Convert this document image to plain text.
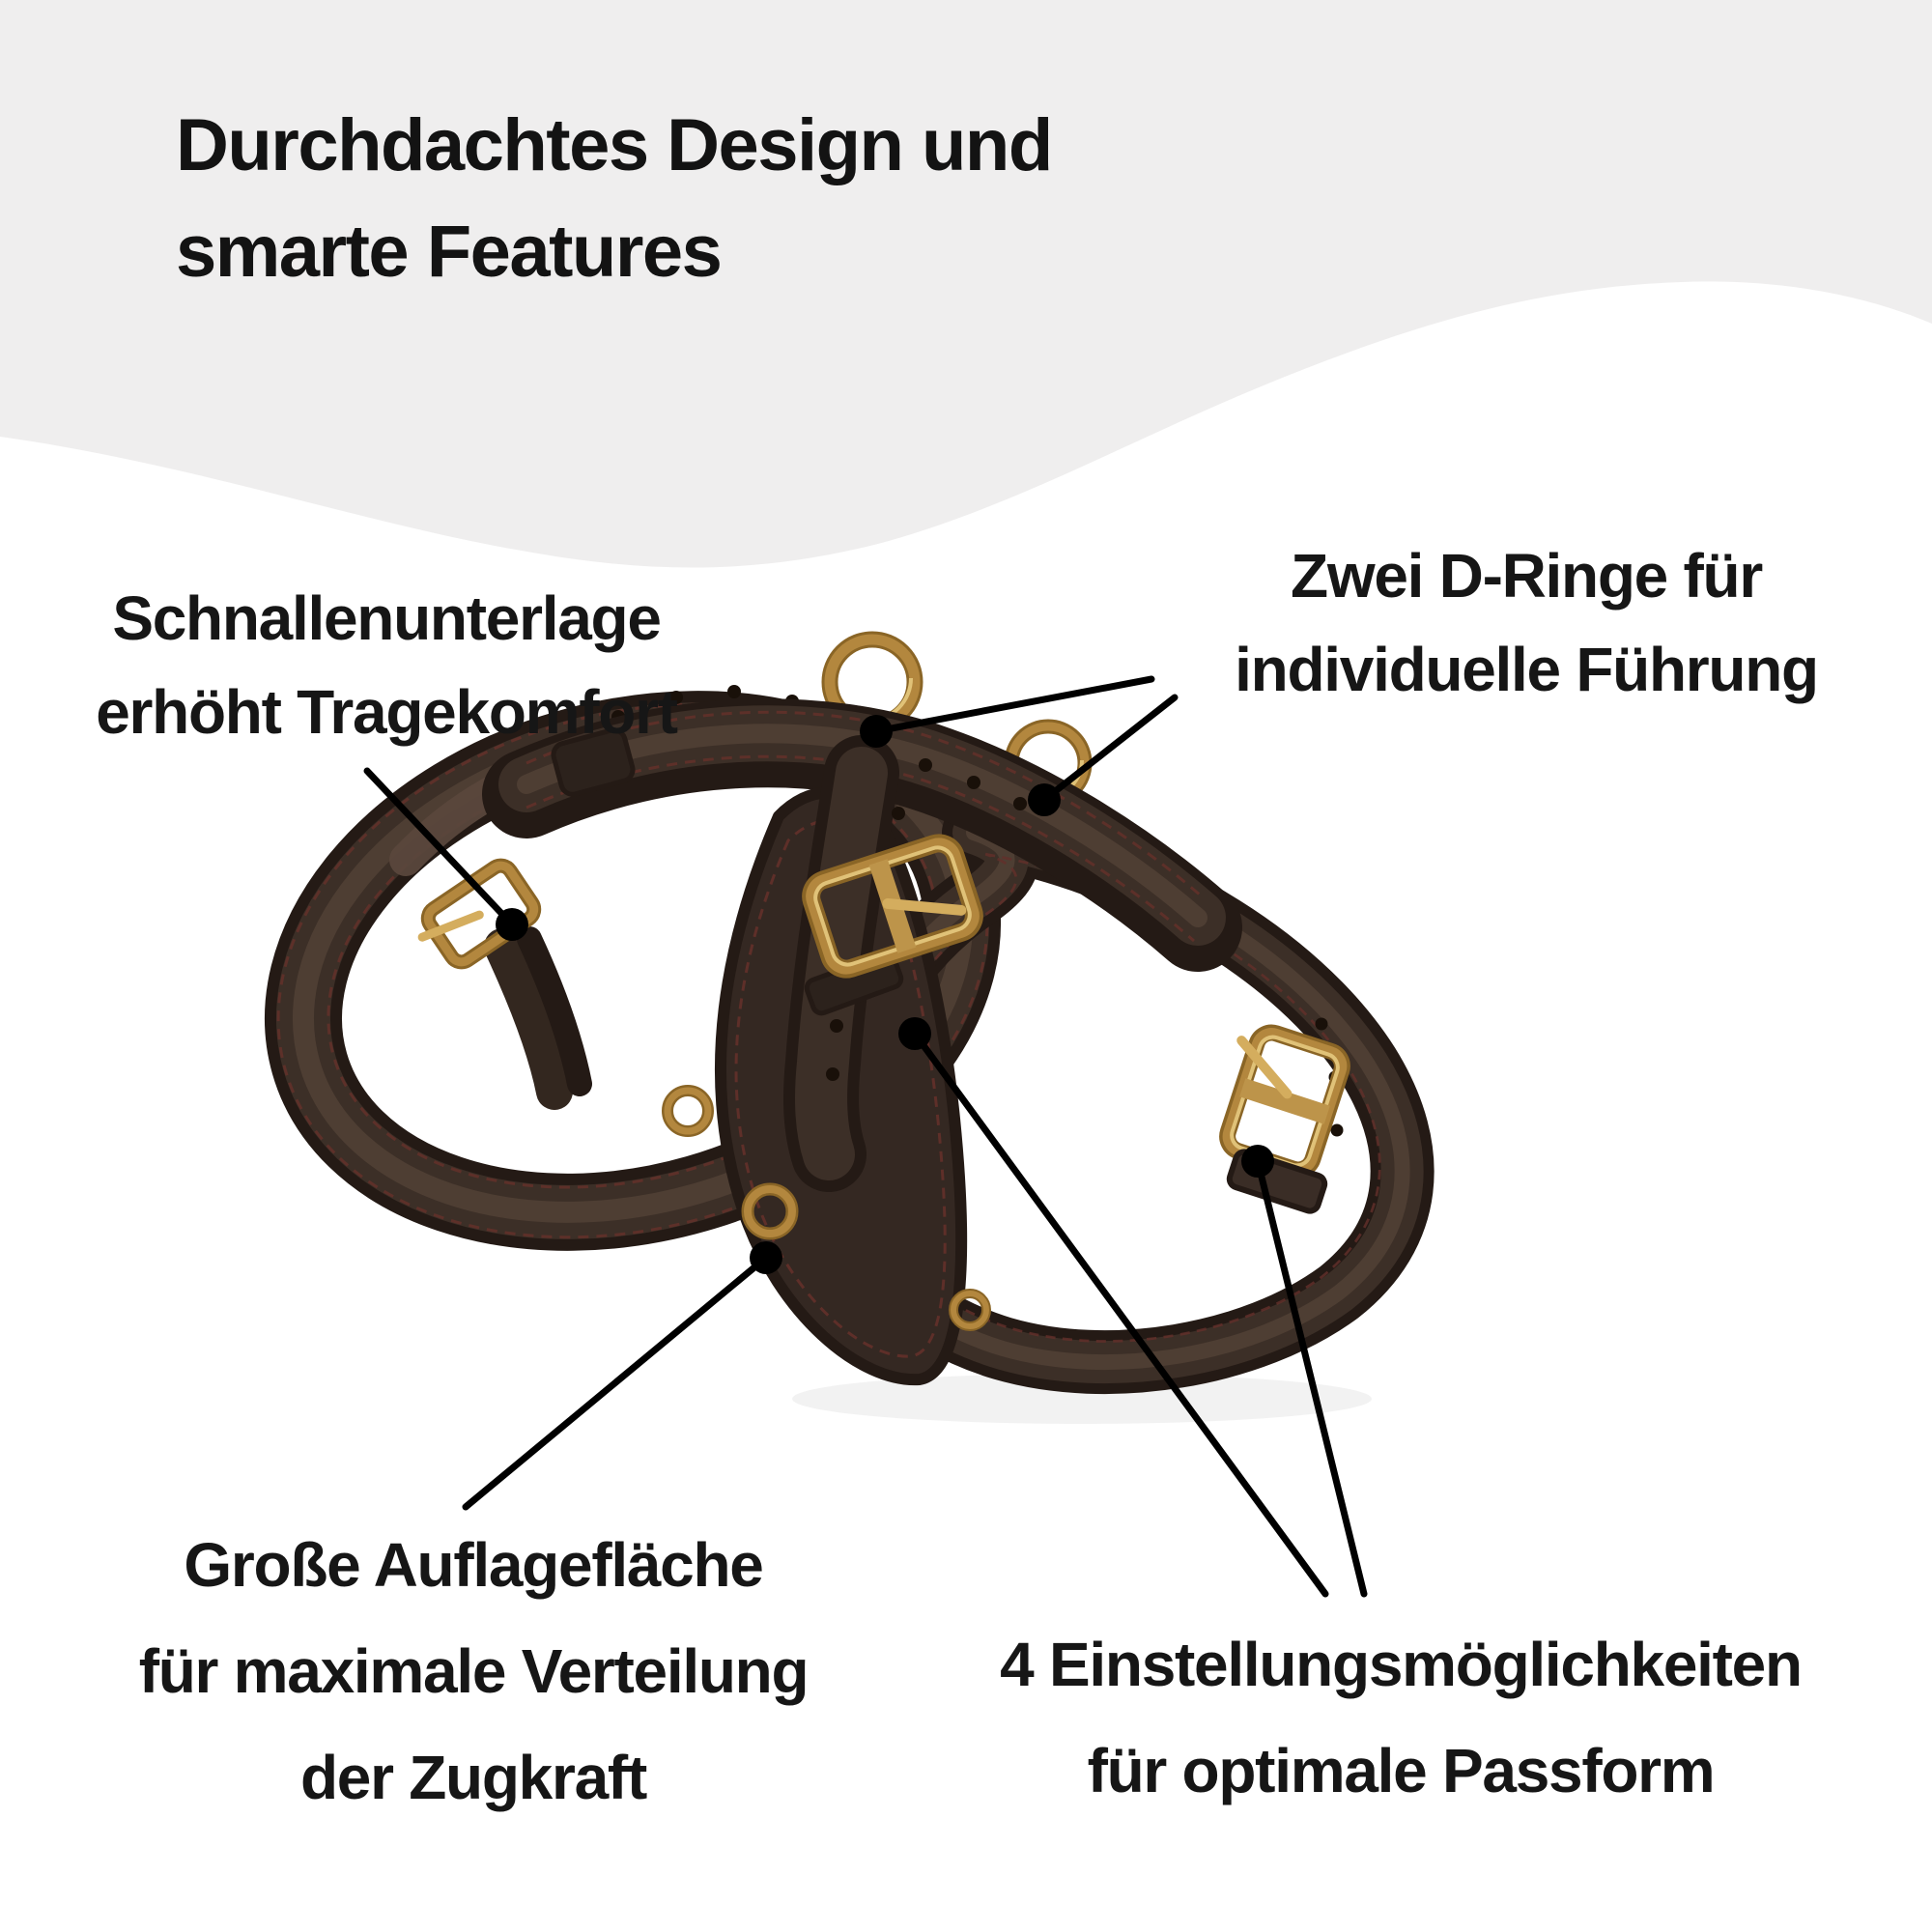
Durchdachtes Design und
smarte Features
Schnallenunterlage
erhöht Tragekomfort
Zwei D-Ringe für
individuelle Führung
Große Auflagefläche
für maximale Verteilung
der Zugkraft
4 Einstellungsmöglichkeiten
für optimale Passform
